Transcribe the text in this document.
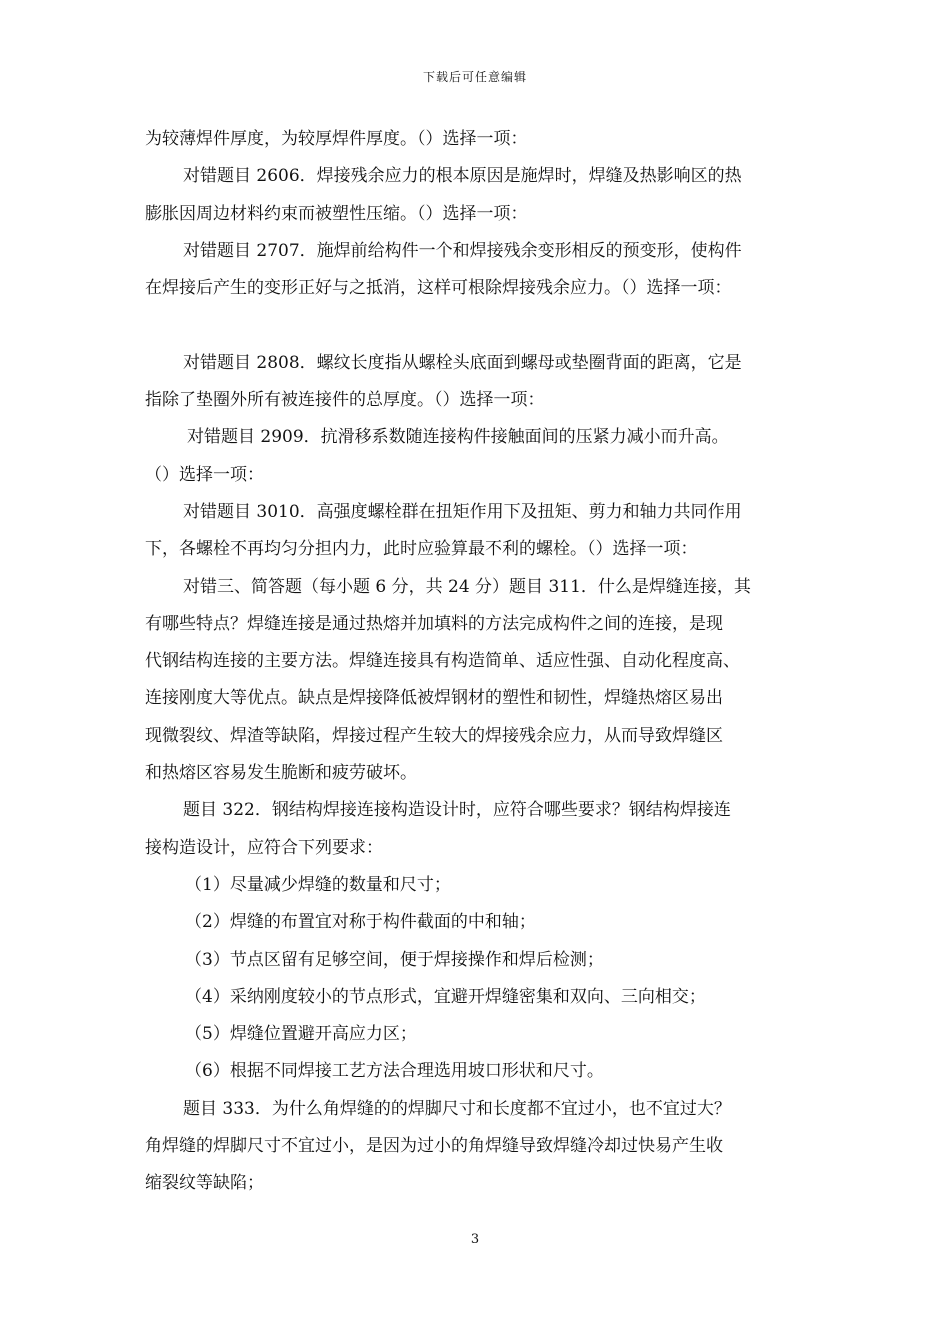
下载后可任意编辑
为较薄焊件厚度，为较厚焊件厚度。（）选择一项：
对错题目 2606．焊接残余应力的根本原因是施焊时，焊缝及热影响区的热
膨胀因周边材料约束而被塑性压缩。（）选择一项：
对错题目 2707．施焊前给构件一个和焊接残余变形相反的预变形，使构件
在焊接后产生的变形正好与之抵消，这样可根除焊接残余应力。（）选择一项：
对错题目 2808．螺纹长度指从螺栓头底面到螺母或垫圈背面的距离，它是
指除了垫圈外所有被连接件的总厚度。（）选择一项：
对错题目 2909．抗滑移系数随连接构件接触面间的压紧力减小而升高。
（）选择一项：
对错题目 3010．高强度螺栓群在扭矩作用下及扭矩、剪力和轴力共同作用
下，各螺栓不再均匀分担内力，此时应验算最不利的螺栓。（）选择一项：
对错三、简答题（每小题 6 分，共 24 分）题目 311．什么是焊缝连接，其
有哪些特点？焊缝连接是通过热熔并加填料的方法完成构件之间的连接，是现
代钢结构连接的主要方法。焊缝连接具有构造简单、适应性强、自动化程度高、
连接刚度大等优点。缺点是焊接降低被焊钢材的塑性和韧性，焊缝热熔区易出
现微裂纹、焊渣等缺陷，焊接过程产生较大的焊接残余应力，从而导致焊缝区
和热熔区容易发生脆断和疲劳破坏。
题目 322．钢结构焊接连接构造设计时，应符合哪些要求？钢结构焊接连
接构造设计，应符合下列要求：
（1）尽量减少焊缝的数量和尺寸；
（2）焊缝的布置宜对称于构件截面的中和轴；
（3）节点区留有足够空间，便于焊接操作和焊后检测；
（4）采纳刚度较小的节点形式，宜避开焊缝密集和双向、三向相交；
（5）焊缝位置避开高应力区；
（6）根据不同焊接工艺方法合理选用坡口形状和尺寸。
题目 333．为什么角焊缝的的焊脚尺寸和长度都不宜过小，也不宜过大？
角焊缝的焊脚尺寸不宜过小，是因为过小的角焊缝导致焊缝冷却过快易产生收
缩裂纹等缺陷；
3
